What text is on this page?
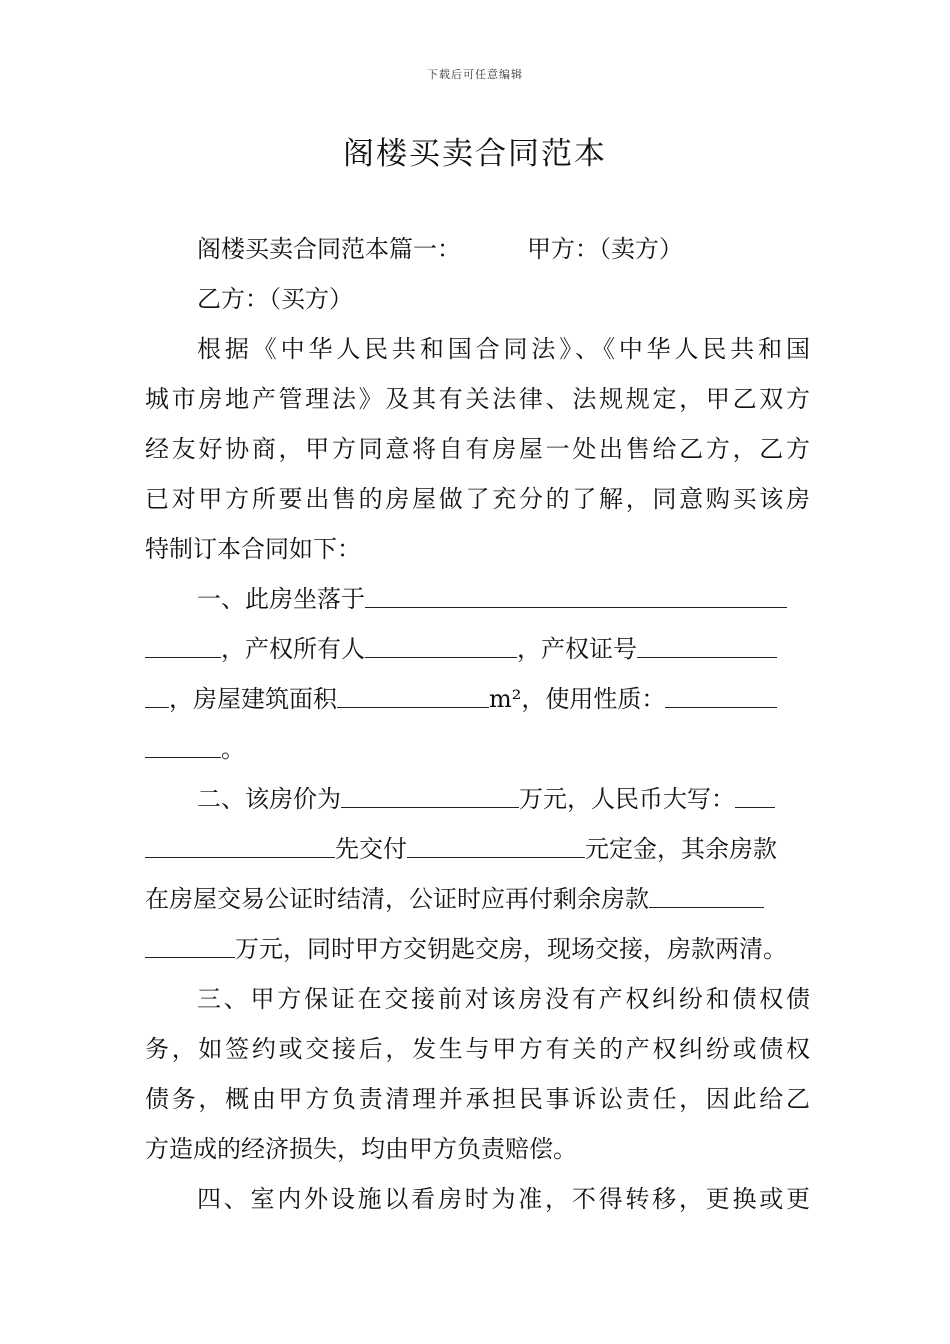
下载后可任意编辑
阁楼买卖合同范本
阁楼买卖合同范本篇一：	甲方：（卖方）
乙方：（买方）
根据《中华人民共和国合同法》、《中华人民共和国
城市房地产管理法》及其有关法律、法规规定，甲乙双方
经友好协商，甲方同意将自有房屋一处出售给乙方，乙方
已对甲方所要出售的房屋做了充分的了解，同意购买该房
特制订本合同如下：
一、此房坐落于
，产权所有人	，产权证号
，房屋建筑面积	m²，使用性质：
。
二、该房价为	万元，人民币大写：
先交付	元定金，其余房款
在房屋交易公证时结清，公证时应再付剩余房款
万元，同时甲方交钥匙交房，现场交接，房款两清。
三、甲方保证在交接前对该房没有产权纠纷和债权债
务，如签约或交接后，发生与甲方有关的产权纠纷或债权
债务，概由甲方负责清理并承担民事诉讼责任，因此给乙
方造成的经济损失，均由甲方负责赔偿。
四、室内外设施以看房时为准，不得转移，更换或更
